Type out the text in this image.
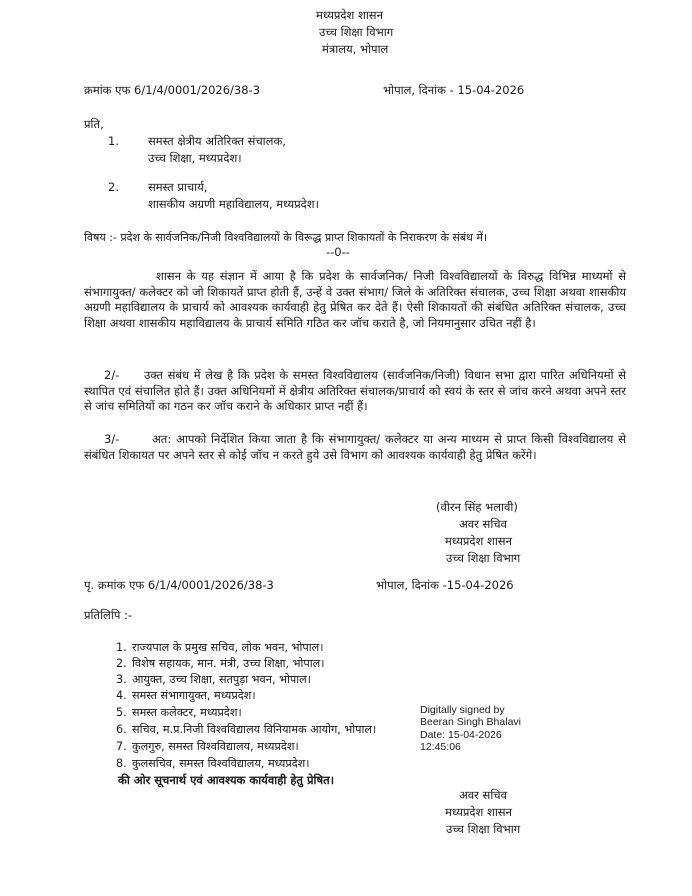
मध्यप्रदेश शासन
उच्च शिक्षा विभाग
मंत्रालय, भोपाल
क्रमांक एफ 6/1/4/0001/2026/38-3	भोपाल, दिनांक - 15-04-2026
प्रति,
1.	समस्त क्षेत्रीय अतिरिक्त संचालक,
उच्च शिक्षा, मध्यप्रदेश।
2.	समस्त प्राचार्य,
शासकीय अग्रणी महाविद्यालय, मध्यप्रदेश।
विषय :- प्रदेश के सार्वजनिक/निजी विश्वविद्यालयों के विरूद्ध प्राप्त शिकायतों के निराकरण के संबंध में।
--0--
शासन के यह संज्ञान में आया है कि प्रदेश के सार्वजनिक/ निजी विश्वविद्यालयों के विरुद्ध विभिन्न माध्यमों से संभागायुक्त/ कलेक्टर को जो शिकायतें प्राप्त होती हैं, उन्हें वे उक्त संभाग/ जिले के अतिरिक्त संचालक, उच्च शिक्षा अथवा शासकीय अग्रणी महाविद्यालय के प्राचार्य को आवश्यक कार्यवाही हेतु प्रेषित कर देते हैं। ऐसी शिकायतों की संबंधित अतिरिक्त संचालक, उच्च शिक्षा अथवा शासकीय महाविद्यालय के प्राचार्य समिति गठित कर जॉच कराते है, जो नियमानुसार उचित नहीं है।
2/-	उक्त संबंध में लेख है कि प्रदेश के समस्त विश्वविद्यालय (सार्वजनिक/निजी) विधान सभा द्वारा पारित अधिनियमों से स्थापित एवं संचालित होते हैं। उक्त अधिनियमों में क्षेत्रीय अतिरिक्त संचालक/प्राचार्य को स्वयं के स्तर से जांच करने अथवा अपने स्तर से जांच समितियों का गठन कर जॉच कराने के अधिकार प्राप्त नहीं हैं।
3/-	अत: आपको निर्देशित किया जाता है कि संभागायुक्त/ कलेक्टर या अन्य माध्यम से प्राप्त किसी विश्वविद्यालय से संबंधित शिकायत पर अपने स्तर से कोई जॉच न करते हुये उसे विभाग को आवश्यक कार्यवाही हेतु प्रेषित करेंगे।
(वीरन सिंह भलावी)
अवर सचिव
मध्यप्रदेश शासन
उच्च शिक्षा विभाग
पृ. क्रमांक एफ 6/1/4/0001/2026/38-3	भोपाल, दिनांक -15-04-2026
प्रतिलिपि :-
1. राज्यपाल के प्रमुख सचिव, लोक भवन, भोपाल।
2. विशेष सहायक, मान. मंत्री, उच्च शिक्षा, भोपाल।
3. आयुक्त, उच्च शिक्षा, सतपुड़ा भवन, भोपाल।
4. समस्त संभागायुक्त, मध्यप्रदेश।
5. समस्त कलेक्टर, मध्यप्रदेश।
6. सचिव, म.प्र.निजी विश्वविद्यालय विनियामक आयोग, भोपाल।
7. कुलगुरु, समस्त विश्वविद्यालय, मध्यप्रदेश।
8. कुलसचिव, समस्त विश्वविद्यालय, मध्यप्रदेश।
की ओर सूचनार्थ एवं आवश्यक कार्यवाही हेतु प्रेषित।
Digitally signed by
Beeran Singh Bhalavi
Date: 15-04-2026
12:45:06
अवर सचिव
मध्यप्रदेश शासन
उच्च शिक्षा विभाग
